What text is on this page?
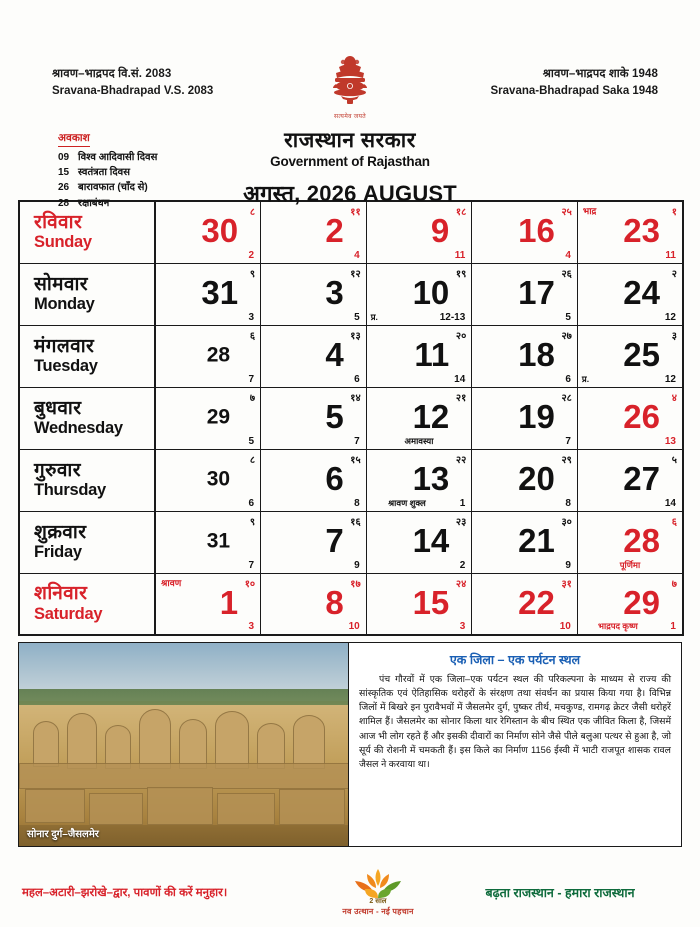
श्रावण–भाद्रपद वि.सं. 2083
Sravana-Bhadrapad V.S. 2083
श्रावण–भाद्रपद शाके 1948
Sravana-Bhadrapad Saka 1948
सत्यमेव जयते
राजस्थान सरकार
Government of Rajasthan
अगस्त, 2026 AUGUST
अवकाश
09 विश्व आदिवासी दिवस
15 स्वतंत्रता दिवस
26 बारावफात (चाँद से)
28 रक्षाबंधन
रविवार
Sunday

८
30
2

११
2
4

१८
9
11

२५
16
4

भाद्र	१
23
11

सोमवार
Monday

९
31
3

१२
3
5

१९
10
प्र.	12-13

२६
17
5

२
24
12

मंगलवार
Tuesday

६
28
7

१३
4
6

२०
11
14

२७
18
6

३
25
प्र.	12

बुधवार
Wednesday

७
29
5

१४
5
7

२१
12
अमावस्या

२८
19
7

४
26
13

गुरुवार
Thursday

८
30
6

१५
6
8

२२
13
श्रावण शुक्ल	1

२९
20
8

५
27
14

शुक्रवार
Friday

९
31
7

१६
7
9

२३
14
2

३०
21
9

६
28
पूर्णिमा

शनिवार
Saturday

श्रावण	१०
1
3

१७
8
10

२४
15
3

३१
22
10

७
29
भाद्रपद कृष्ण	1
सोनार दुर्ग–जैसलमेर
एक जिला – एक पर्यटन स्थल
पंच गौरवों में एक जिला–एक पर्यटन स्थल की परिकल्पना के माध्यम से राज्य की सांस्कृतिक एवं ऐतिहासिक धरोहरों के संरक्षण तथा संवर्धन का प्रयास किया गया है। विभिन्न जिलों में बिखरे इन पुरावैभवों में जैसलमेर दुर्ग, पुष्कर तीर्थ, मचकुण्ड, रामगढ़ क्रेटर जैसी धरोहरें शामिल हैं। जैसलमेर का सोनार किला थार रेगिस्तान के बीच स्थित एक जीवित किला है, जिसमें आज भी लोग रहते हैं और इसकी दीवारों का निर्माण सोने जैसे पीले बलुआ पत्थर से हुआ है, जो सूर्य की रोशनी में चमकती हैं। इस किले का निर्माण 1156 ईस्वी में भाटी राजपूत शासक रावल जैसल ने करवाया था।
महल–अटारी–झरोखे–द्वार, पावणों की करें मनुहार।
2 साल
नव उत्थान - नई पहचान
बढ़ता राजस्थान - हमारा राजस्थान
